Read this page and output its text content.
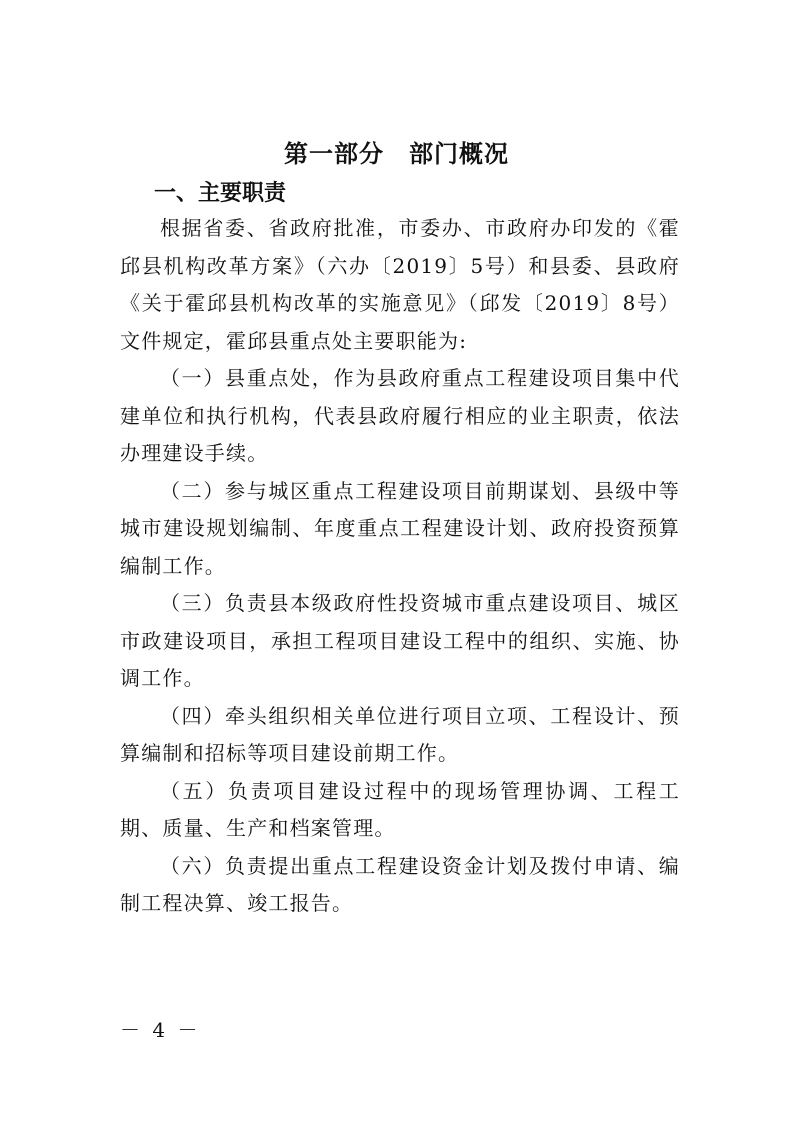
第一部分　部门概况
一、主要职责

根据省委、省政府批准，市委办、市政府办印发的《霍邱县机构改革方案》（六办〔2019〕5号）和县委、县政府《关于霍邱县机构改革的实施意见》（邱发〔2019〕8号）文件规定，霍邱县重点处主要职能为:

（一）县重点处，作为县政府重点工程建设项目集中代建单位和执行机构，代表县政府履行相应的业主职责，依法办理建设手续。

（二）参与城区重点工程建设项目前期谋划、县级中等城市建设规划编制、年度重点工程建设计划、政府投资预算编制工作。

（三）负责县本级政府性投资城市重点建设项目、城区市政建设项目，承担工程项目建设工程中的组织、实施、协调工作。

（四）牵头组织相关单位进行项目立项、工程设计、预算编制和招标等项目建设前期工作。

（五）负责项目建设过程中的现场管理协调、工程工期、质量、生产和档案管理。

（六）负责提出重点工程建设资金计划及拨付申请、编制工程决算、竣工报告。

－ 4 －
